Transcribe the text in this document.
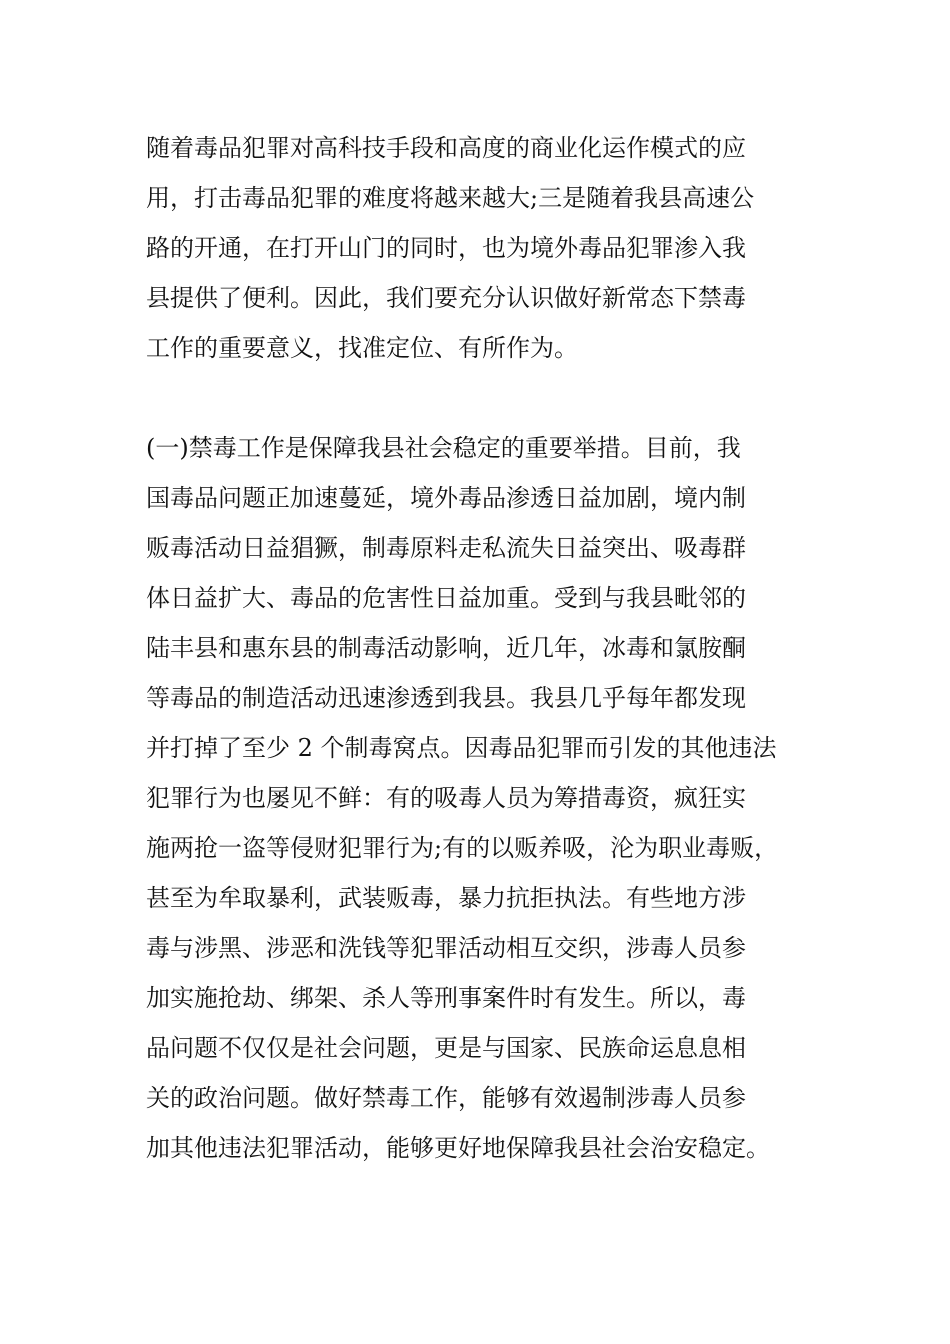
随着毒品犯罪对高科技手段和高度的商业化运作模式的应
用，打击毒品犯罪的难度将越来越大;三是随着我县高速公
路的开通，在打开山门的同时，也为境外毒品犯罪渗入我
县提供了便利。因此，我们要充分认识做好新常态下禁毒
工作的重要意义，找准定位、有所作为。
(一)禁毒工作是保障我县社会稳定的重要举措。目前，我
国毒品问题正加速蔓延，境外毒品渗透日益加剧，境内制
贩毒活动日益猖獗，制毒原料走私流失日益突出、吸毒群
体日益扩大、毒品的危害性日益加重。受到与我县毗邻的
陆丰县和惠东县的制毒活动影响，近几年，冰毒和氯胺酮
等毒品的制造活动迅速渗透到我县。我县几乎每年都发现
并打掉了至少 2 个制毒窝点。因毒品犯罪而引发的其他违法
犯罪行为也屡见不鲜：有的吸毒人员为筹措毒资，疯狂实
施两抢一盗等侵财犯罪行为;有的以贩养吸，沦为职业毒贩，
甚至为牟取暴利，武装贩毒，暴力抗拒执法。有些地方涉
毒与涉黑、涉恶和洗钱等犯罪活动相互交织，涉毒人员参
加实施抢劫、绑架、杀人等刑事案件时有发生。所以，毒
品问题不仅仅是社会问题，更是与国家、民族命运息息相
关的政治问题。做好禁毒工作，能够有效遏制涉毒人员参
加其他违法犯罪活动，能够更好地保障我县社会治安稳定。
